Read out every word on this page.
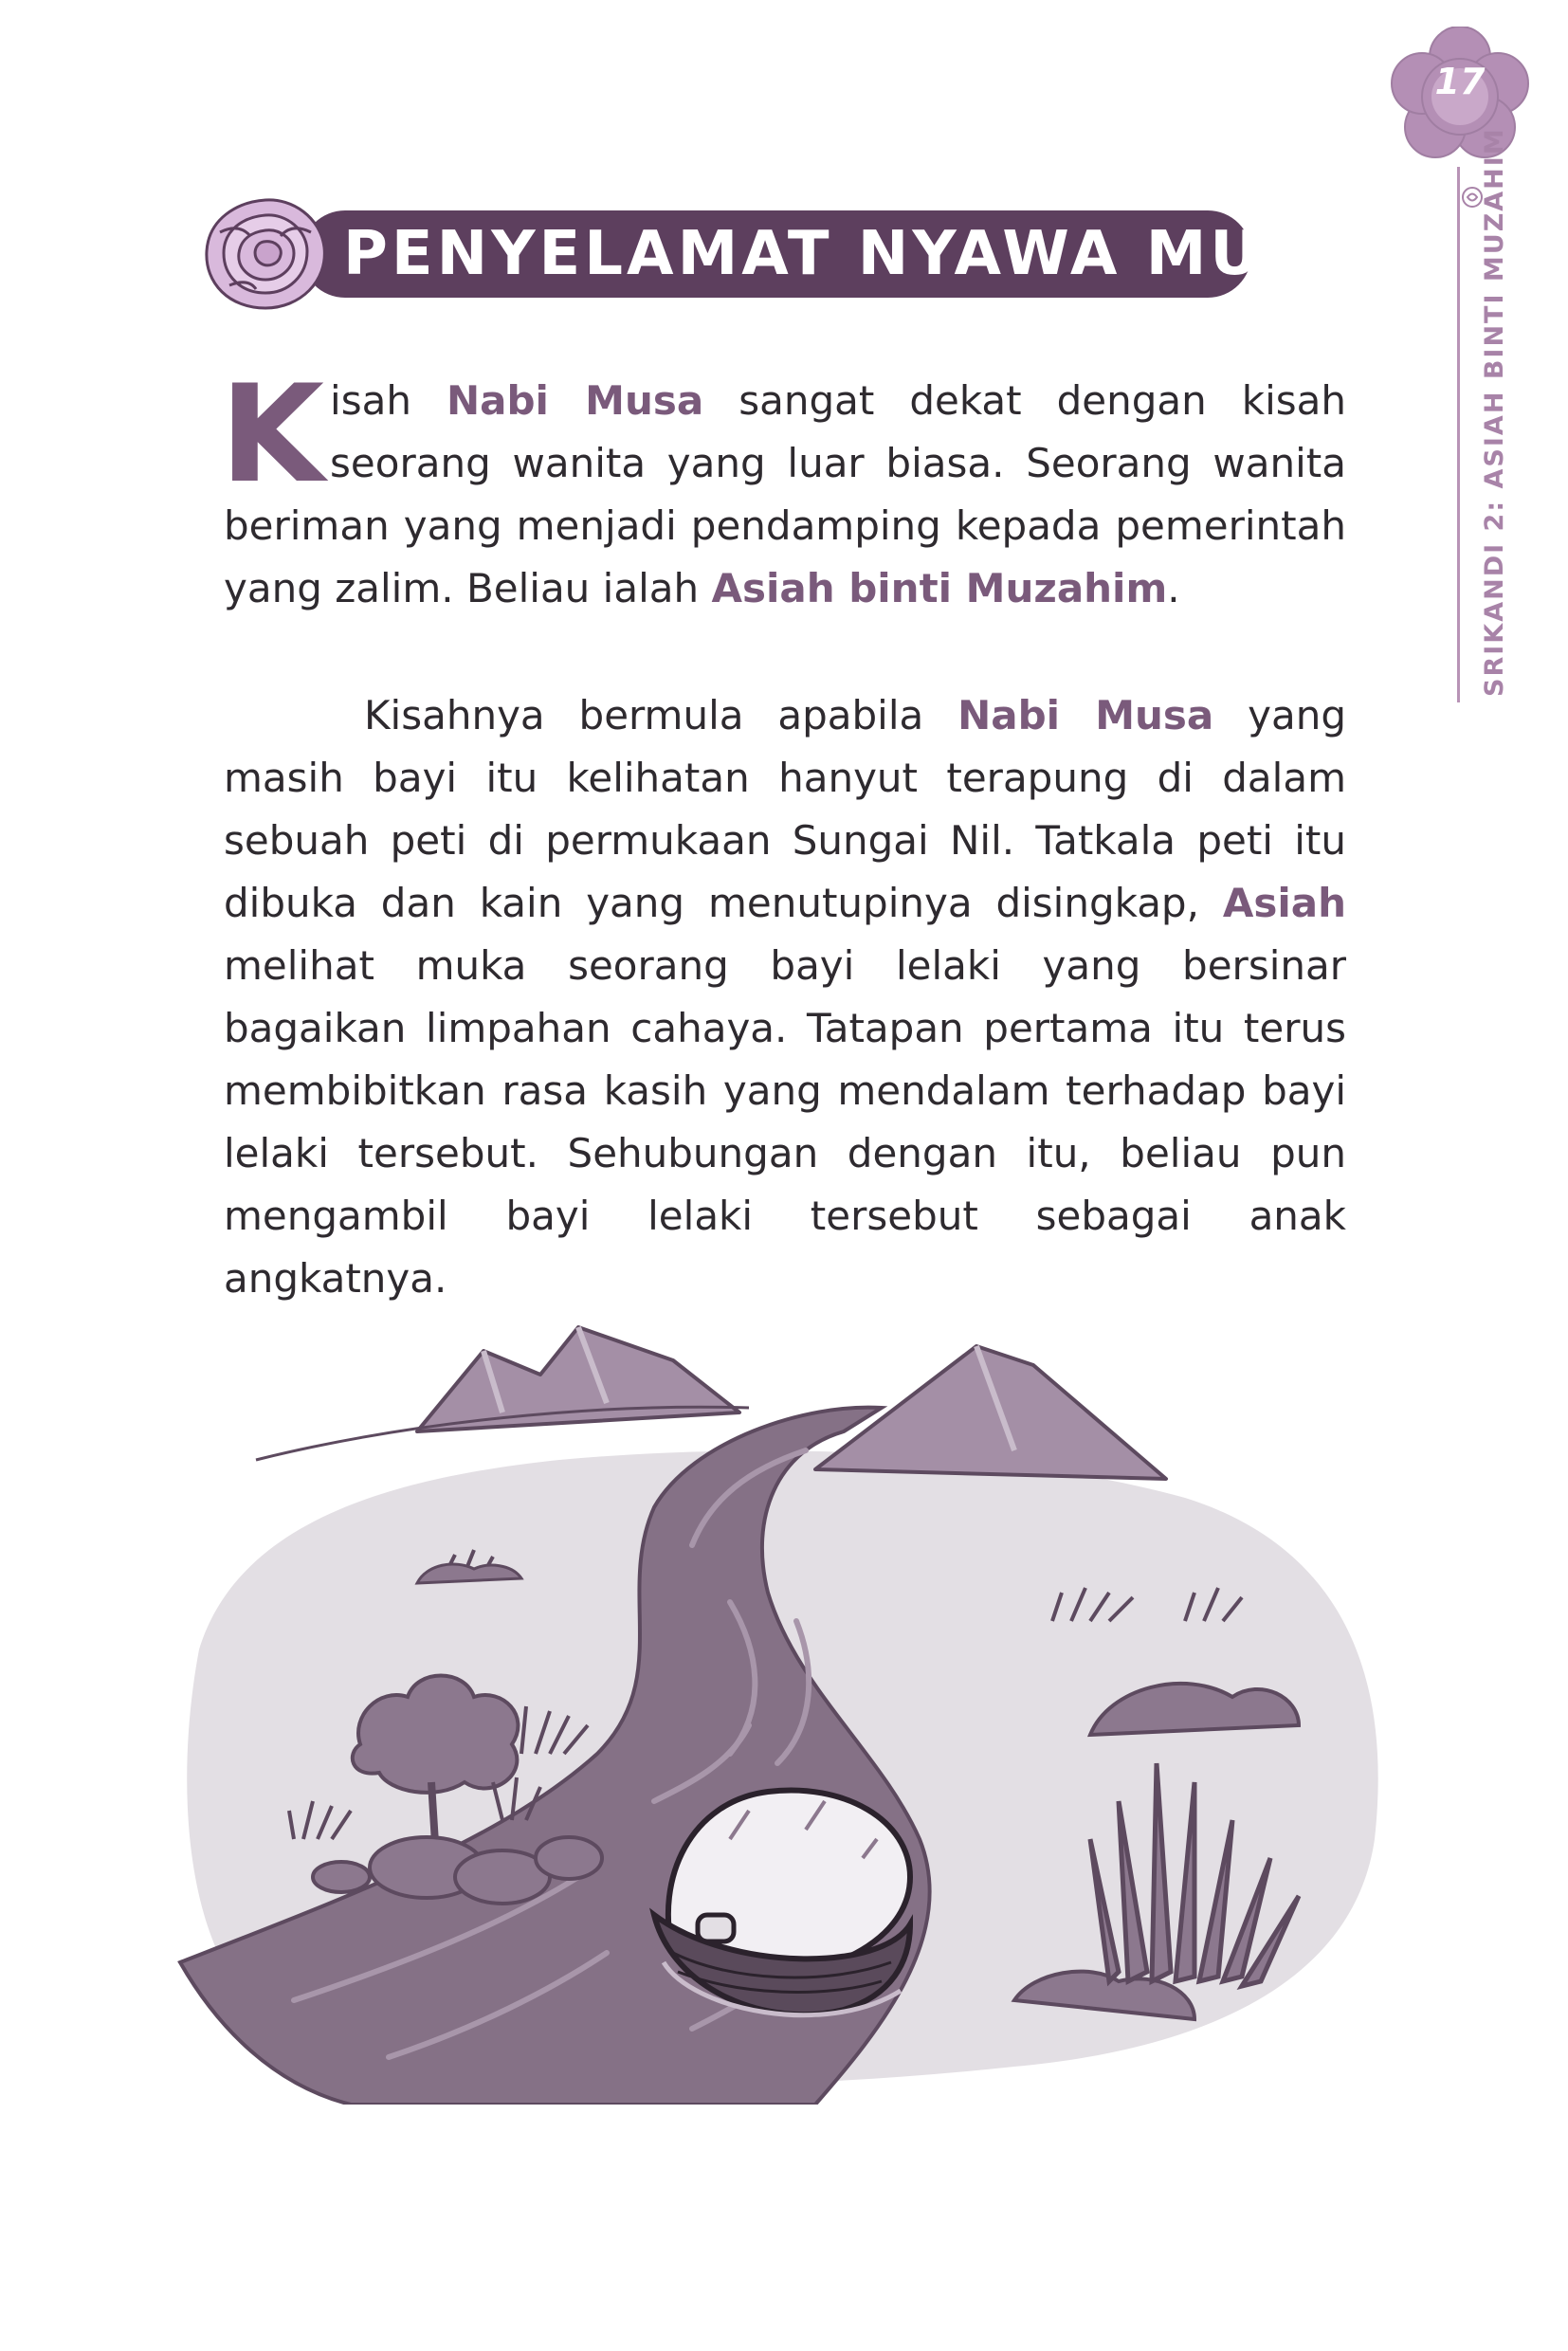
17
SRIKANDI 2: ASIAH BINTI MUZAHIM
PENYELAMAT NYAWA MUSA

Kisah Nabi Musa sangat dekat dengan kisah seorang wanita yang luar biasa. Seorang wanita beriman yang menjadi pendamping kepada pemerintah yang zalim. Beliau ialah Asiah binti Muzahim.

Kisahnya bermula apabila Nabi Musa yang masih bayi itu kelihatan hanyut terapung di dalam sebuah peti di permukaan Sungai Nil. Tatkala peti itu dibuka dan kain yang menutupinya disingkap, Asiah melihat muka seorang bayi lelaki yang bersinar bagaikan limpahan cahaya. Tatapan pertama itu terus membibitkan rasa kasih yang mendalam terhadap bayi lelaki tersebut. Sehubungan dengan itu, beliau pun mengambil bayi lelaki tersebut sebagai anak angkatnya.
